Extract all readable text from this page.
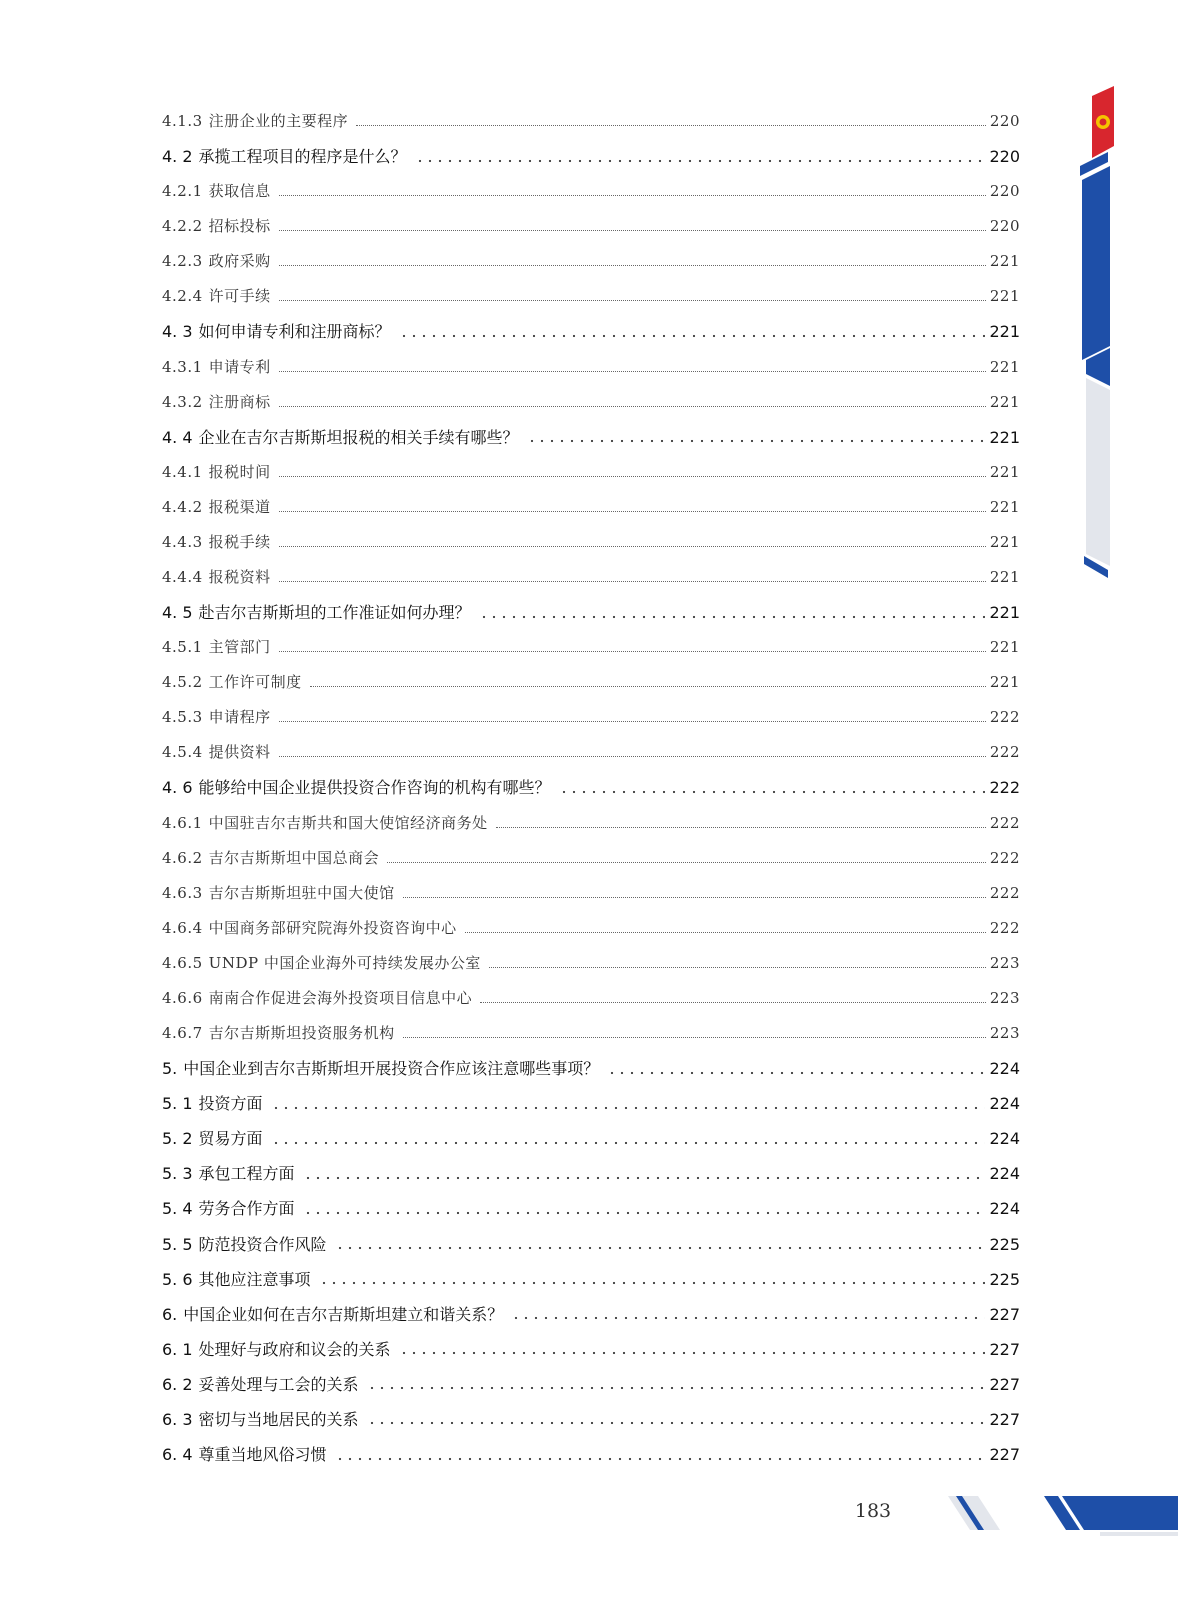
4.1.3 注册企业的主要程序	220
4. 2 承揽工程项目的程序是什么？	220
4.2.1 获取信息	220
4.2.2 招标投标	220
4.2.3 政府采购	221
4.2.4 许可手续	221
4. 3 如何申请专利和注册商标？	221
4.3.1 申请专利	221
4.3.2 注册商标	221
4. 4 企业在吉尔吉斯斯坦报税的相关手续有哪些？	221
4.4.1 报税时间	221
4.4.2 报税渠道	221
4.4.3 报税手续	221
4.4.4 报税资料	221
4. 5 赴吉尔吉斯斯坦的工作准证如何办理？	221
4.5.1 主管部门	221
4.5.2 工作许可制度	221
4.5.3 申请程序	222
4.5.4 提供资料	222
4. 6 能够给中国企业提供投资合作咨询的机构有哪些？	222
4.6.1 中国驻吉尔吉斯共和国大使馆经济商务处	222
4.6.2 吉尔吉斯斯坦中国总商会	222
4.6.3 吉尔吉斯斯坦驻中国大使馆	222
4.6.4 中国商务部研究院海外投资咨询中心	222
4.6.5 UNDP 中国企业海外可持续发展办公室	223
4.6.6 南南合作促进会海外投资项目信息中心	223
4.6.7 吉尔吉斯斯坦投资服务机构	223
5. 中国企业到吉尔吉斯斯坦开展投资合作应该注意哪些事项？	224
5. 1 投资方面	224
5. 2 贸易方面	224
5. 3 承包工程方面	224
5. 4 劳务合作方面	224
5. 5 防范投资合作风险	225
5. 6 其他应注意事项	225
6. 中国企业如何在吉尔吉斯斯坦建立和谐关系？	227
6. 1 处理好与政府和议会的关系	227
6. 2 妥善处理与工会的关系	227
6. 3 密切与当地居民的关系	227
6. 4 尊重当地风俗习惯	227
183
